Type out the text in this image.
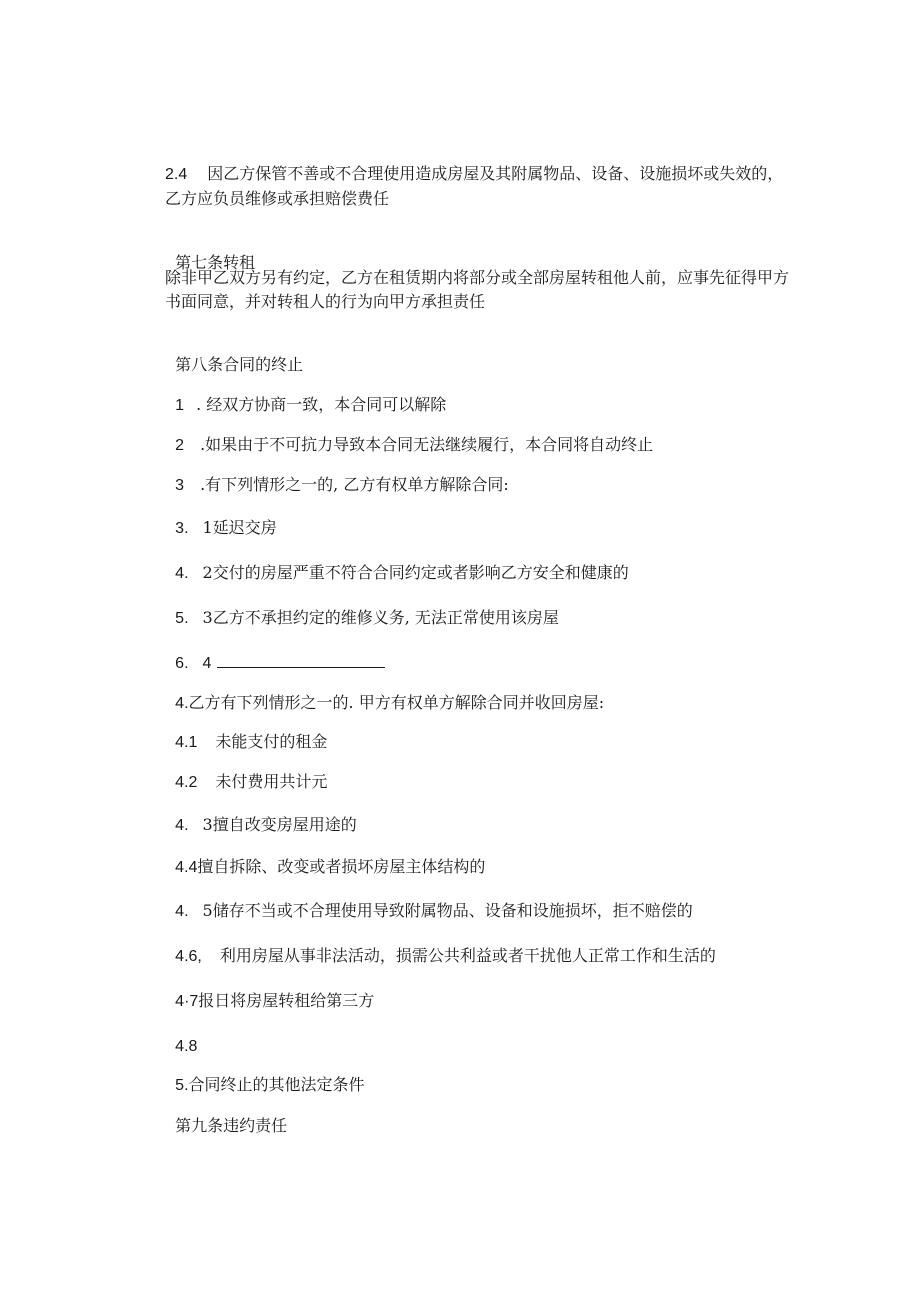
2.4 因乙方保管不善或不合理使用造成房屋及其附属物品、设备、设施损坏或失效的，乙方应负员维修或承担赔偿费任

第七条转租

除非甲乙双方另有约定，乙方在租赁期内将部分或全部房屋转租他人前，应事先征得甲方书面同意，并对转租人的行为向甲方承担责任

第八条合同的终止

1 . 经双方协商一致，本合同可以解除

2 .如果由于不可抗力导致本合同无法继续履行，本合同将自动终止

3 .有下列情形之一的, 乙方有权单方解除合同:

3. 1延迟交房

4. 2交付的房屋严重不符合合同约定或者影响乙方安全和健康的

5. 3乙方不承担约定的维修义务, 无法正常使用该房屋

6. 4

4.乙方有下列情形之一的. 甲方有权单方解除合同并收回房屋:

4.1 未能支付的租金

4.2 未付费用共计元

4. 3擅自改变房屋用途的

4.4擅自拆除、改变或者损坏房屋主体结构的

4. 5储存不当或不合理使用导致附属物品、设备和设施损坏，拒不赔偿的

4.6, 利用房屋从事非法活动，损需公共利益或者干扰他人正常工作和生活的

4·7报日将房屋转租给第三方

4.8

5.合同终止的其他法定条件

第九条违约责任
